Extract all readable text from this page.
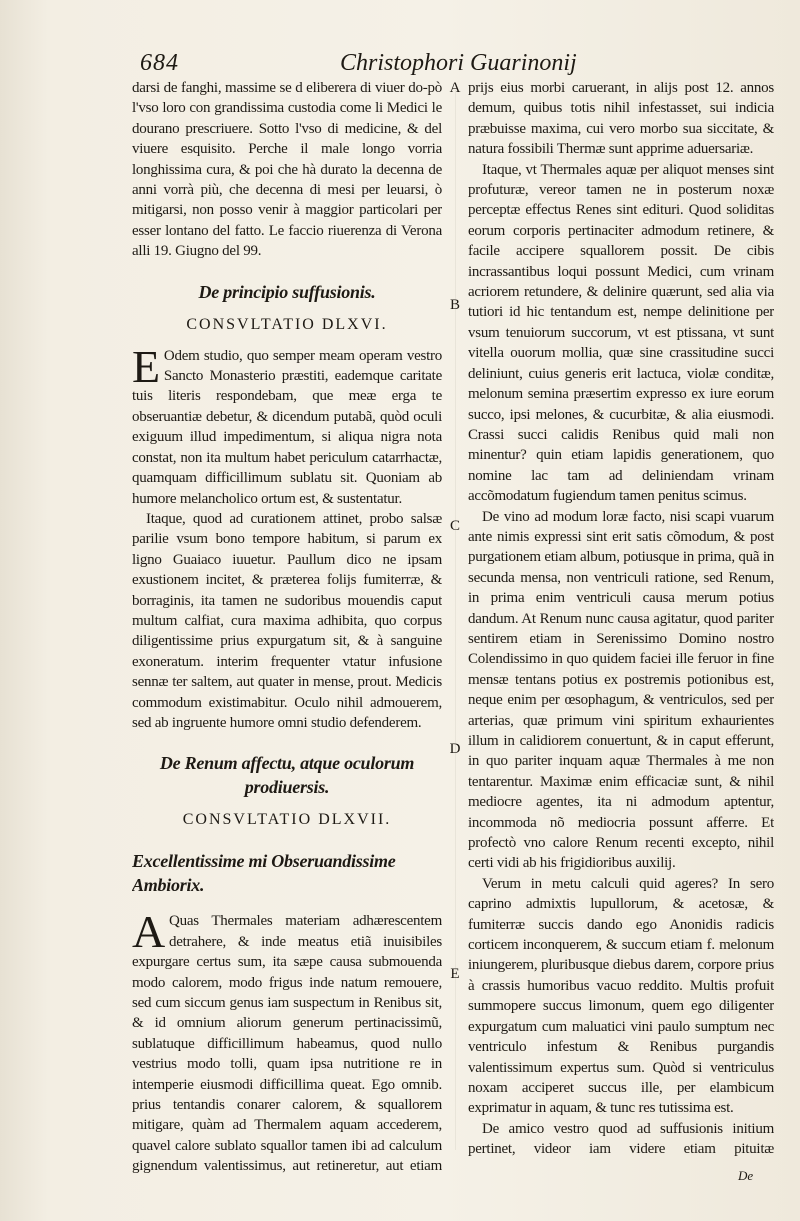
684	Christophori Guarinonij

darsi de fanghi, massime se d eliberera di viuer do-pò l'vso loro con grandissima custodia come li Medici le dourano prescriuere. Sotto l'vso di medicine, & del viuere esquisito. Perche il male longo vorria longhissima cura, & poi che hà durato la decenna de anni vorrà più, che decenna di mesi per leuarsi, ò mitigarsi, non posso venir à maggior particolari per esser lontano del fatto. Le faccio riuerenza di Verona alli 19. Giugno del 99.

De principio suffusionis.
CONSVLTATIO DLXVI.

E Odem studio, quo semper meam operam vestro Sancto Monasterio præstiti, eademque caritate tuis literis respondebam, que meæ erga te obseruantiæ debetur, & dicendum putabã, quòd oculi exiguum illud impedimentum, si aliqua nigra nota constat, non ita multum habet periculum catarrhactæ, quamquam difficillimum sublatu sit. Quoniam ab humore melancholico ortum est, & sustentatur.

Itaque, quod ad curationem attinet, probo salsæ parilie vsum bono tempore habitum, si parum ex ligno Guaiaco iuuetur. Paullum dico ne ipsam exustionem incitet, & præterea folijs fumiterræ, & borraginis, ita tamen ne sudoribus mouendis caput multum calfiat, cura maxima adhibita, quo corpus diligentissime prius expurgatum sit, & à sanguine exoneratum. interim frequenter vtatur infusione sennæ ter saltem, aut quater in mense, prout. Medicis commodum existimabitur. Oculo nihil admouerem, sed ab ingruente humore omni studio defenderem.

De Renum affectu, atque oculorum prodiuersis.
CONSVLTATIO DLXVII.
Excellentissime mi Obseruandissime Ambiorix.

A Quas Thermales materiam adhærescentem detrahere, & inde meatus etiã inuisibiles expurgare certus sum, ita sæpe causa submouenda modo calorem, modo frigus inde natum remouere, sed cum siccum genus iam suspectum in Renibus sit, & id omnium aliorum generum pertinacissimũ, sublatuque difficillimum habeamus, quod nullo vestrius modo tolli, quam ipsa nutritione re in intemperie eiusmodi difficillima queat. Ego omnib. prius tentandis conarer calorem, & squallorem mitigare, quàm ad Thermalem aquam accederem, quavel calore sublato squallor tamen ibi ad calculum gignendum valentissimus, aut retineretur, aut etiam

prijs eius morbi caruerant, in alijs post 12. annos demum, quibus totis nihil infestasset, sui indicia præbuisse maxima, cui vero morbo sua siccitate, & natura fossibili Thermæ sunt apprime aduersariæ.

Itaque, vt Thermales aquæ per aliquot menses sint profuturæ, vereor tamen ne in posterum noxæ perceptæ effectus Renes sint edituri. Quod soliditas eorum corporis pertinaciter admodum retinere, & facile accipere squallorem possit. De cibis incrassantibus loqui possunt Medici, cum vrinam acriorem retundere, & delinire quærunt, sed alia via tutiori id hic tentandum est, nempe delinitione per vsum tenuiorum succorum, vt est ptissana, vt sunt vitella ouorum mollia, quæ sine crassitudine succi deliniunt, cuius generis erit lactuca, violæ conditæ, melonum semina præsertim expresso ex iure eorum succo, ipsi melones, & cucurbitæ, & alia eiusmodi. Crassi succi calidis Renibus quid mali non minentur? quin etiam lapidis generationem, quo nomine lac tam ad deliniendam vrinam accõmodatum fugiendum tamen penitus scimus.

De vino ad modum loræ facto, nisi scapi vuarum ante nimis expressi sint erit satis cõmodum, & post purgationem etiam album, potiusque in prima, quã in secunda mensa, non ventriculi ratione, sed Renum, in prima enim ventriculi causa merum potius dandum. At Renum nunc causa agitatur, quod pariter sentirem etiam in Serenissimo Domino nostro Colendissimo in quo quidem faciei ille feruor in fine mensæ tentans potius ex postremis potionibus est, neque enim per œsophagum, & ventriculos, sed per arterias, quæ primum vini spiritum exhaurientes illum in calidiorem conuertunt, & in caput efferunt, in quo pariter inquam aquæ Thermales à me non tentarentur. Maximæ enim efficaciæ sunt, & nihil mediocre agentes, ita ni admodum aptentur, incommoda nõ mediocria possunt afferre. Et profectò vno calore Renum recenti excepto, nihil certi vidi ab his frigidioribus auxilij.

Verum in metu calculi quid ageres? In sero caprino admixtis lupullorum, & acetosæ, & fumiterræ succis dando ego Anonidis radicis corticem inconquerem, & succum etiam f. melonum iniungerem, pluribusque diebus darem, corpore prius à crassis humoribus vacuo reddito. Multis profuit summopere succus limonum, quem ego diligenter expurgatum cum maluatici vini paulo sumptum nec ventriculo infestum & Renibus purgandis valentissimum expertus sum. Quòd si ventriculus noxam acciperet succus ille, per elambicum exprimatur in aquam, & tunc res tutissima est.

De amico vestro quod ad suffusionis initium pertinet, videor iam videre etiam pituitæ

A
B
C
D
E
De
